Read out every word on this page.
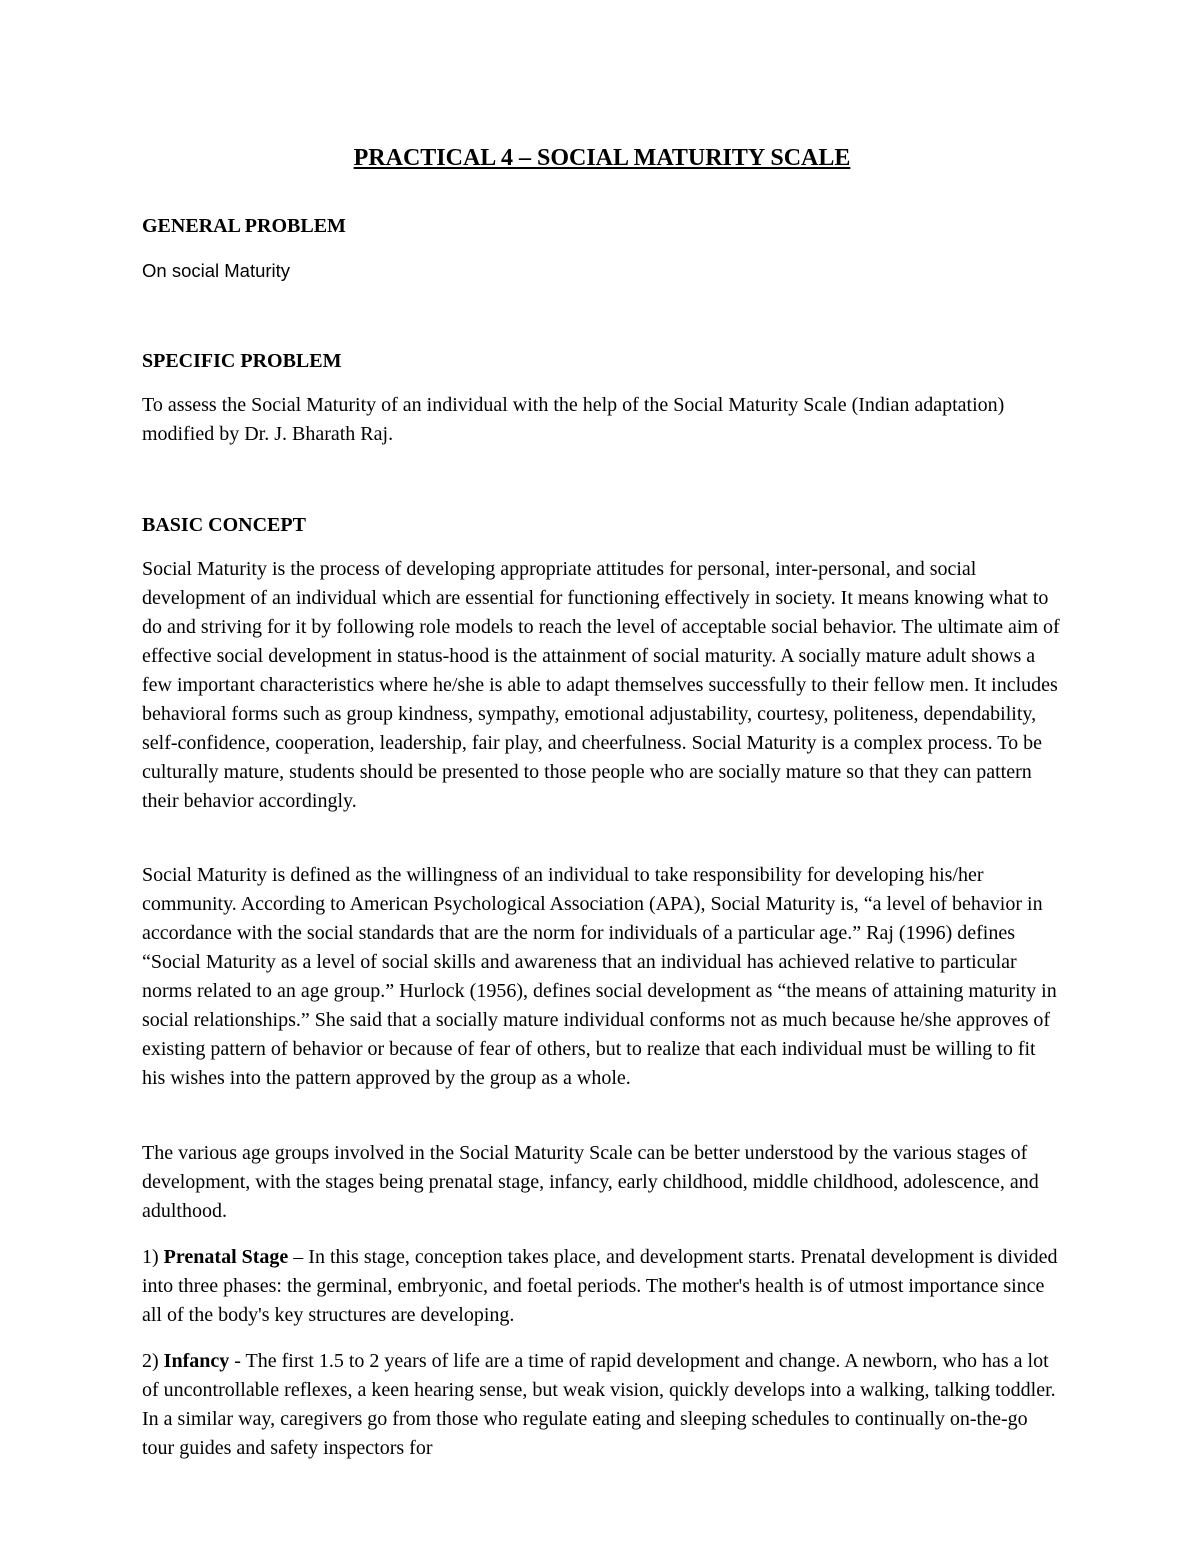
PRACTICAL 4 – SOCIAL MATURITY SCALE
GENERAL PROBLEM

On social Maturity

SPECIFIC PROBLEM

To assess the Social Maturity of an individual with the help of the Social Maturity Scale (Indian adaptation) modified by Dr. J. Bharath Raj.

BASIC CONCEPT

Social Maturity is the process of developing appropriate attitudes for personal, inter-personal, and social development of an individual which are essential for functioning effectively in society. It means knowing what to do and striving for it by following role models to reach the level of acceptable social behavior. The ultimate aim of effective social development in status-hood is the attainment of social maturity. A socially mature adult shows a few important characteristics where he/she is able to adapt themselves successfully to their fellow men. It includes behavioral forms such as group kindness, sympathy, emotional adjustability, courtesy, politeness, dependability, self-confidence, cooperation, leadership, fair play, and cheerfulness. Social Maturity is a complex process. To be culturally mature, students should be presented to those people who are socially mature so that they can pattern their behavior accordingly.

Social Maturity is defined as the willingness of an individual to take responsibility for developing his/her community. According to American Psychological Association (APA), Social Maturity is, “a level of behavior in accordance with the social standards that are the norm for individuals of a particular age.” Raj (1996) defines “Social Maturity as a level of social skills and awareness that an individual has achieved relative to particular norms related to an age group.” Hurlock (1956), defines social development as “the means of attaining maturity in social relationships.” She said that a socially mature individual conforms not as much because he/she approves of existing pattern of behavior or because of fear of others, but to realize that each individual must be willing to fit his wishes into the pattern approved by the group as a whole.

The various age groups involved in the Social Maturity Scale can be better understood by the various stages of development, with the stages being prenatal stage, infancy, early childhood, middle childhood, adolescence, and adulthood.

1) Prenatal Stage – In this stage, conception takes place, and development starts. Prenatal development is divided into three phases: the germinal, embryonic, and foetal periods. The mother's health is of utmost importance since all of the body's key structures are developing.

2) Infancy - The first 1.5 to 2 years of life are a time of rapid development and change. A newborn, who has a lot of uncontrollable reflexes, a keen hearing sense, but weak vision, quickly develops into a walking, talking toddler. In a similar way, caregivers go from those who regulate eating and sleeping schedules to continually on-the-go tour guides and safety inspectors for
